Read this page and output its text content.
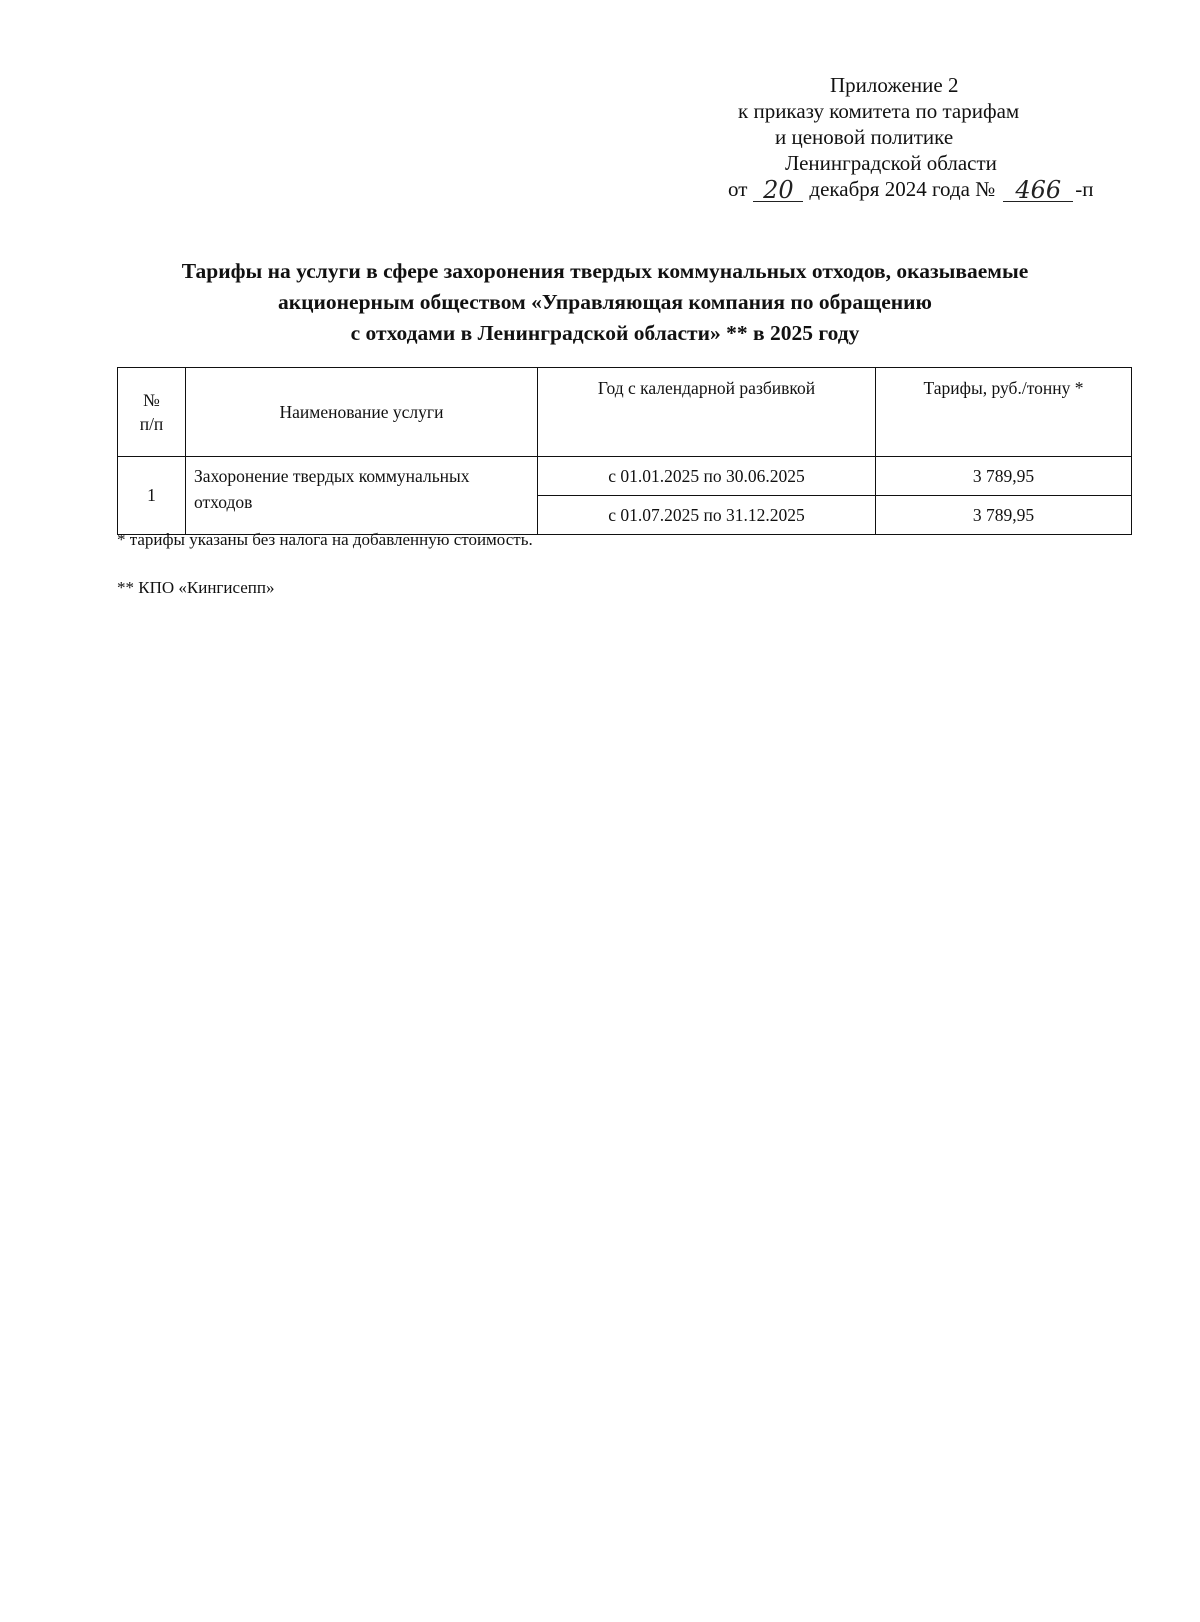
Приложение 2
к приказу комитета по тарифам
и ценовой политике
Ленинградской области
от 20 декабря 2024 года № 466 -п
Тарифы на услуги в сфере захоронения твердых коммунальных отходов, оказываемые
акционерным обществом «Управляющая компания по обращению
с отходами в Ленинградской области» ** в 2025 году
№
п/п	Наименование услуги	Год с календарной разбивкой	Тарифы, руб./тонну *
1	Захоронение твердых коммунальных отходов	с 01.01.2025 по 30.06.2025	3 789,95
		с 01.07.2025 по 31.12.2025	3 789,95
* тарифы указаны без налога на добавленную стоимость.
** КПО «Кингисепп»
